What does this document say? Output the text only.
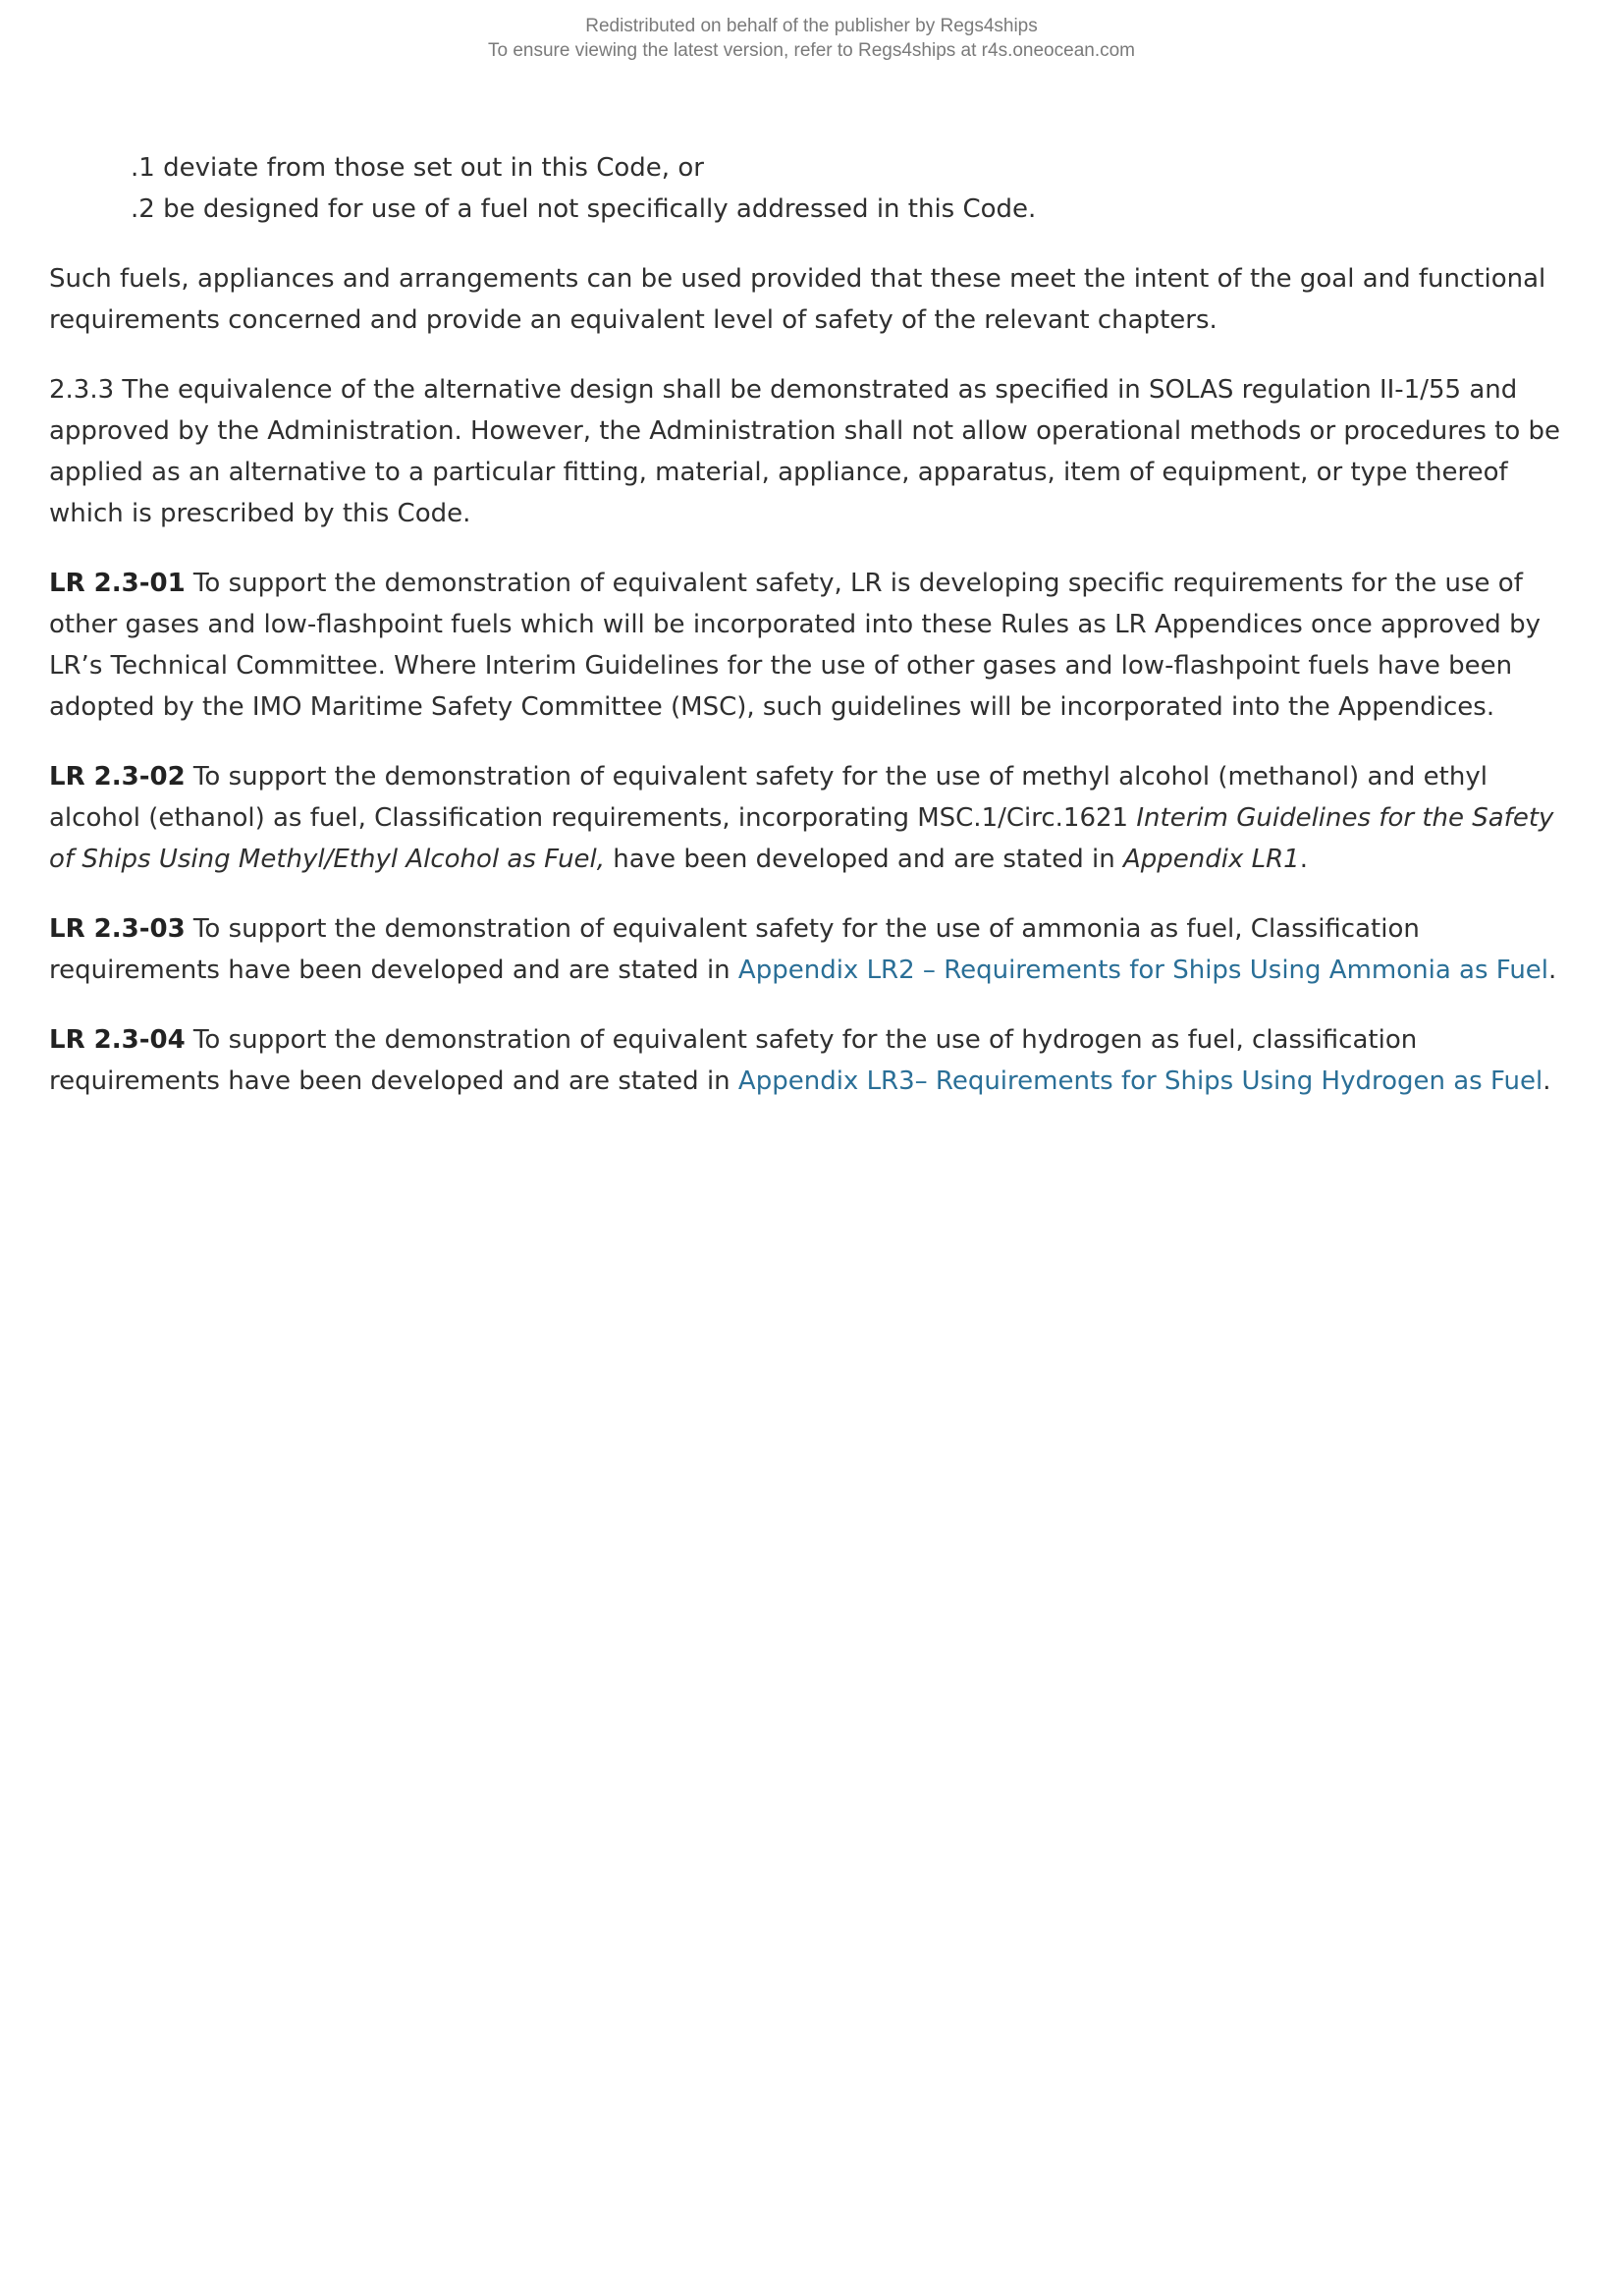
Redistributed on behalf of the publisher by Regs4ships
To ensure viewing the latest version, refer to Regs4ships at r4s.oneocean.com
.1 deviate from those set out in this Code, or
.2 be designed for use of a fuel not specifically addressed in this Code.

Such fuels, appliances and arrangements can be used provided that these meet the intent of the goal and functional requirements concerned and provide an equivalent level of safety of the relevant chapters.

2.3.3 The equivalence of the alternative design shall be demonstrated as specified in SOLAS regulation II-1/55 and approved by the Administration. However, the Administration shall not allow operational methods or procedures to be applied as an alternative to a particular fitting, material, appliance, apparatus, item of equipment, or type thereof which is prescribed by this Code.

LR 2.3-01 To support the demonstration of equivalent safety, LR is developing specific requirements for the use of other gases and low-flashpoint fuels which will be incorporated into these Rules as LR Appendices once approved by LR’s Technical Committee. Where Interim Guidelines for the use of other gases and low-flashpoint fuels have been adopted by the IMO Maritime Safety Committee (MSC), such guidelines will be incorporated into the Appendices.

LR 2.3-02 To support the demonstration of equivalent safety for the use of methyl alcohol (methanol) and ethyl alcohol (ethanol) as fuel, Classification requirements, incorporating MSC.1/Circ.1621 Interim Guidelines for the Safety of Ships Using Methyl/Ethyl Alcohol as Fuel, have been developed and are stated in Appendix LR1.

LR 2.3-03 To support the demonstration of equivalent safety for the use of ammonia as fuel, Classification requirements have been developed and are stated in Appendix LR2 – Requirements for Ships Using Ammonia as Fuel.

LR 2.3-04 To support the demonstration of equivalent safety for the use of hydrogen as fuel, classification requirements have been developed and are stated in Appendix LR3– Requirements for Ships Using Hydrogen as Fuel.
